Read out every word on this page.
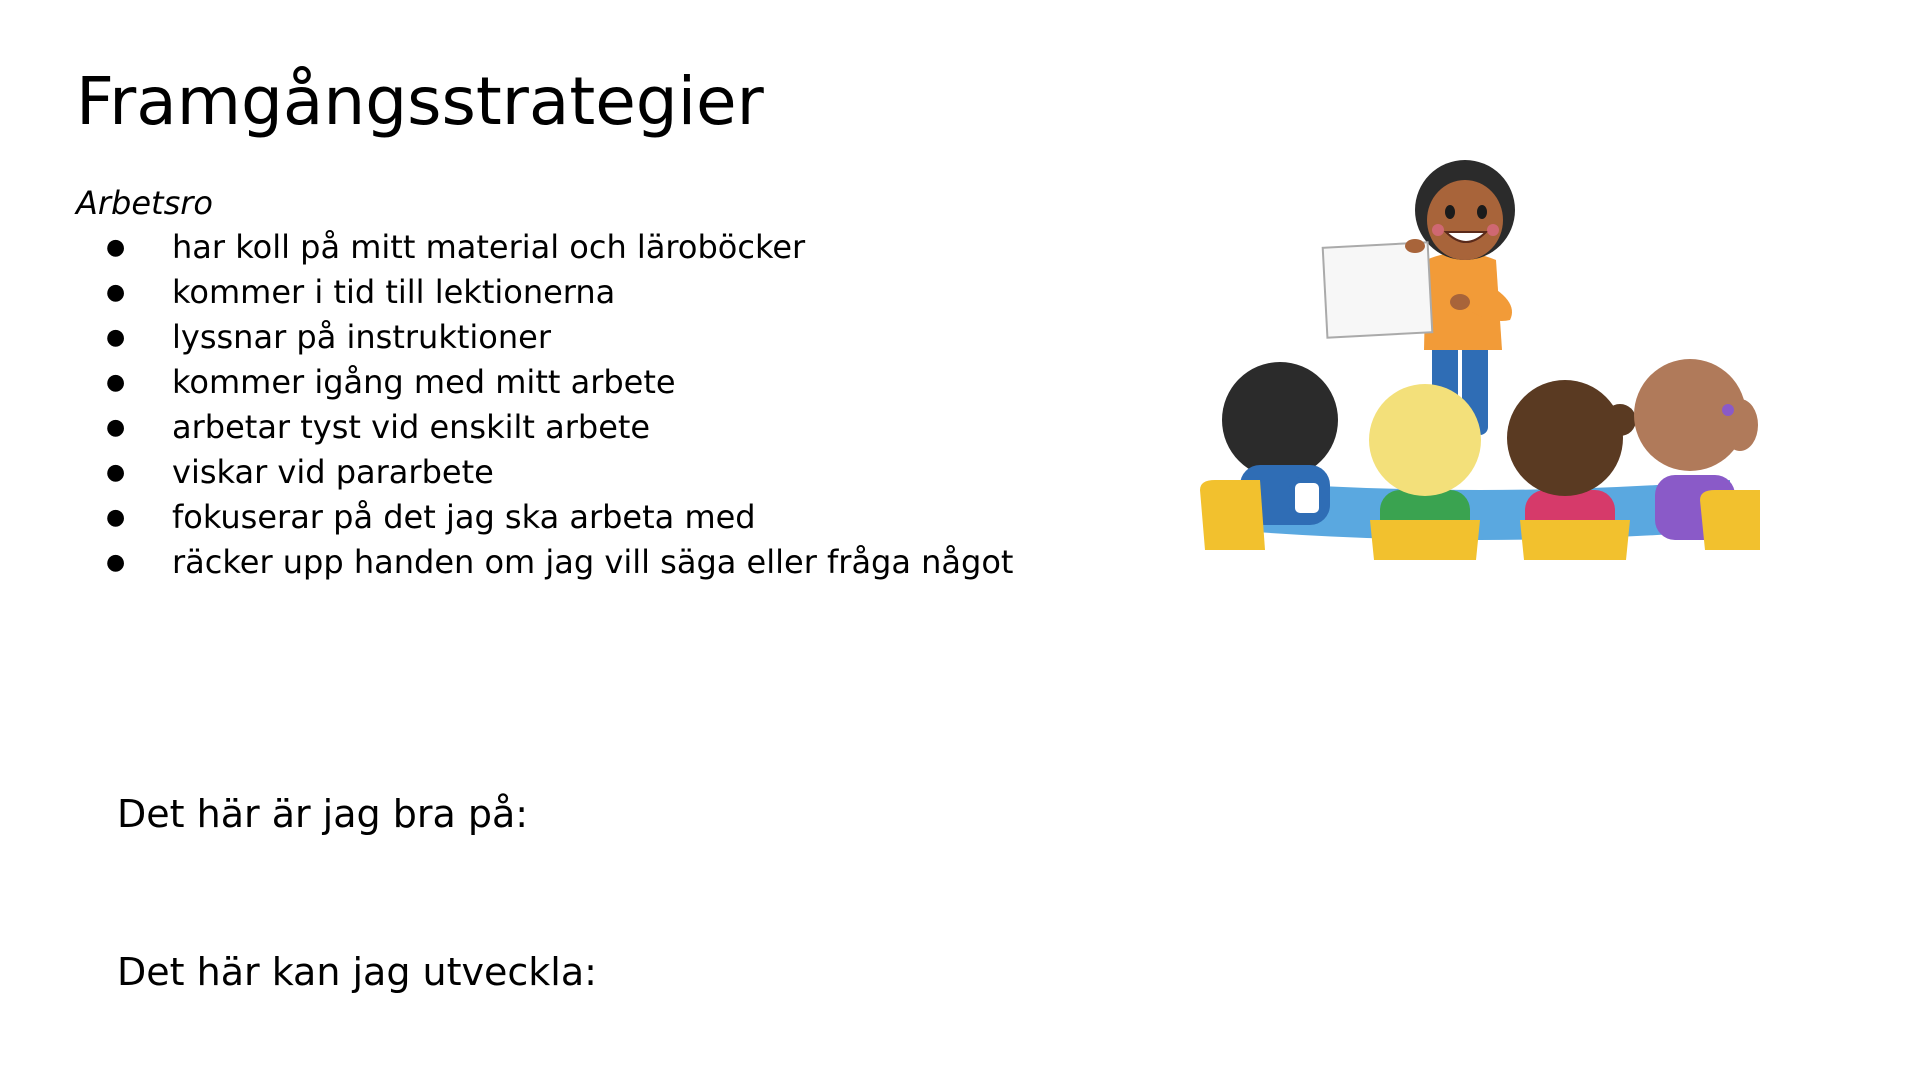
Framgångsstrategier

Arbetsro

●	har koll på mitt material och läroböcker
●	kommer i tid till lektionerna
●	lyssnar på instruktioner
●	kommer igång med mitt arbete
●	arbetar tyst vid enskilt arbete
●	viskar vid pararbete
●	fokuserar på det jag ska arbeta med
●	räcker upp handen om jag vill säga eller fråga något

Det här är jag bra på:

Det här kan jag utveckla:
